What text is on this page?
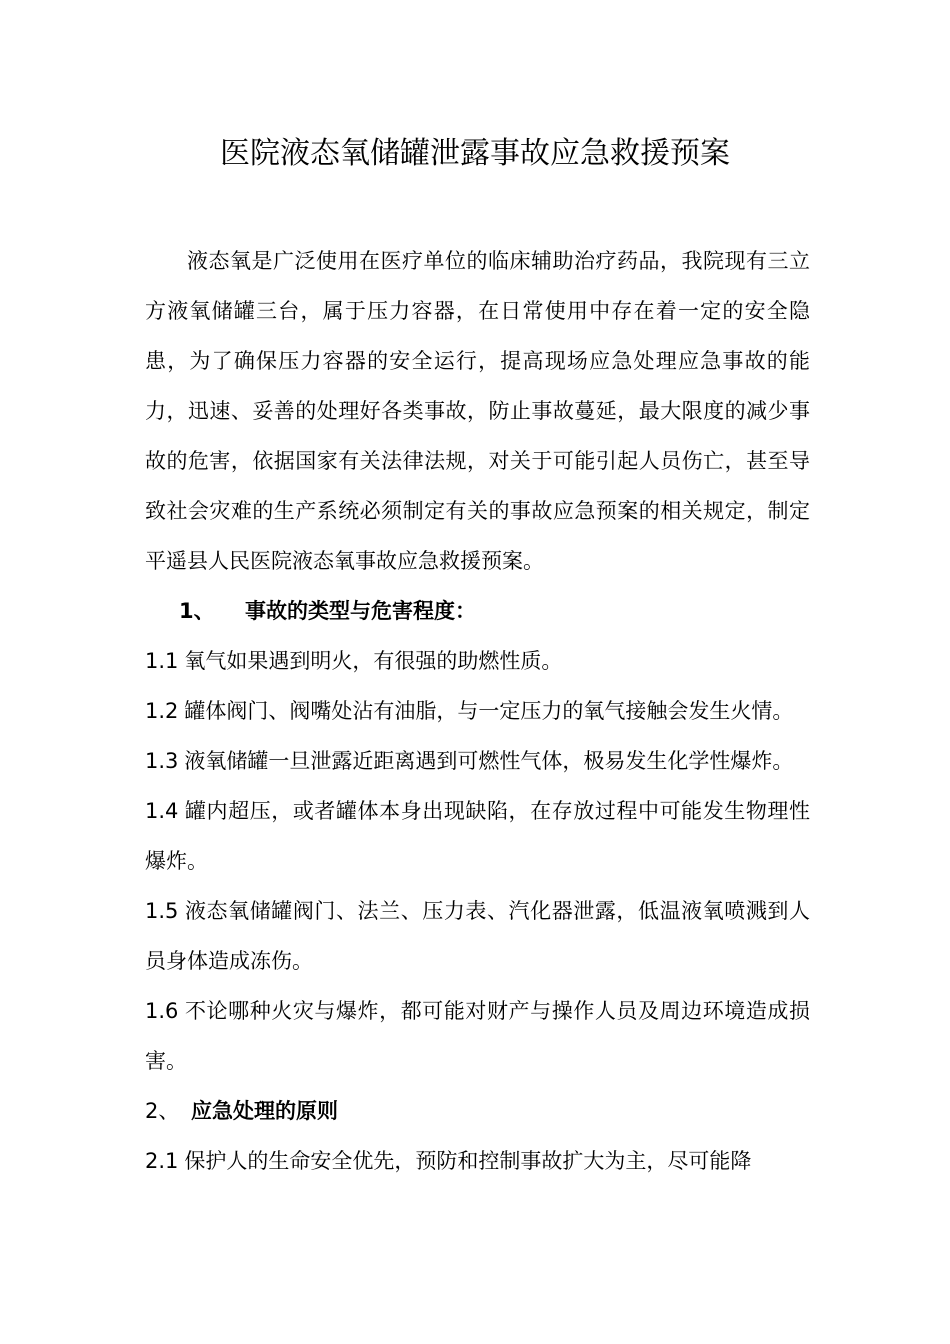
医院液态氧储罐泄露事故应急救援预案

液态氧是广泛使用在医疗单位的临床辅助治疗药品，我院现有三立方液氧储罐三台，属于压力容器，在日常使用中存在着一定的安全隐患，为了确保压力容器的安全运行，提高现场应急处理应急事故的能力，迅速、妥善的处理好各类事故，防止事故蔓延，最大限度的减少事故的危害，依据国家有关法律法规，对关于可能引起人员伤亡，甚至导致社会灾难的生产系统必须制定有关的事故应急预案的相关规定，制定平遥县人民医院液态氧事故应急救援预案。

1、 事故的类型与危害程度：

1.1 氧气如果遇到明火，有很强的助燃性质。

1.2 罐体阀门、阀嘴处沾有油脂，与一定压力的氧气接触会发生火情。

1.3 液氧储罐一旦泄露近距离遇到可燃性气体，极易发生化学性爆炸。

1.4 罐内超压，或者罐体本身出现缺陷，在存放过程中可能发生物理性爆炸。

1.5 液态氧储罐阀门、法兰、压力表、汽化器泄露，低温液氧喷溅到人员身体造成冻伤。

1.6 不论哪种火灾与爆炸，都可能对财产与操作人员及周边环境造成损害。

2、 应急处理的原则

2.1 保护人的生命安全优先，预防和控制事故扩大为主，尽可能降
